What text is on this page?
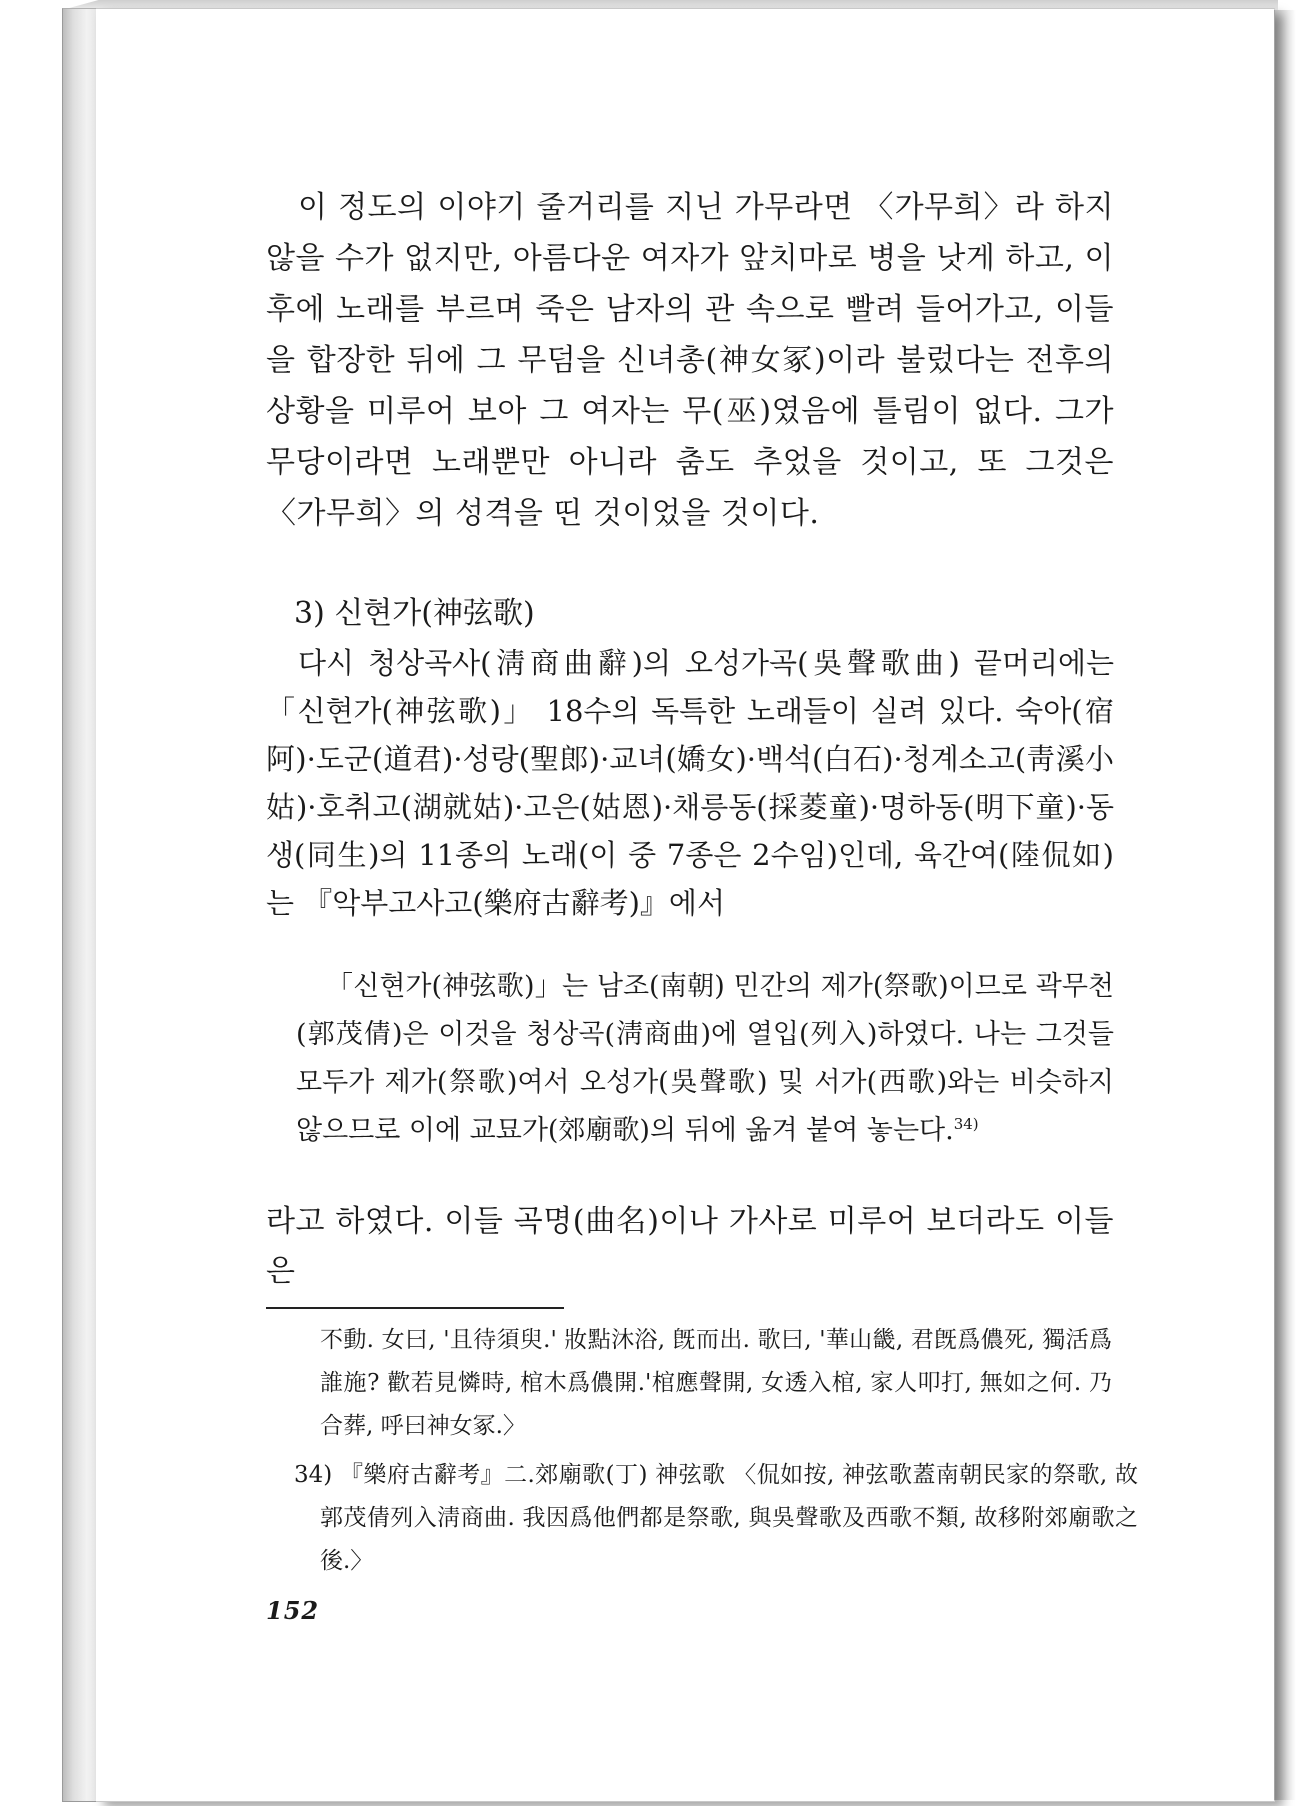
이 정도의 이야기 줄거리를 지닌 가무라면 〈가무희〉라 하지 않을 수가 없지만, 아름다운 여자가 앞치마로 병을 낫게 하고, 이후에 노래를 부르며 죽은 남자의 관 속으로 빨려 들어가고, 이들을 합장한 뒤에 그 무덤을 신녀총(神女冢)이라 불렀다는 전후의 상황을 미루어 보아 그 여자는 무(巫)였음에 틀림이 없다. 그가 무당이라면 노래뿐만 아니라 춤도 추었을 것이고, 또 그것은 〈가무희〉의 성격을 띤 것이었을 것이다.

3) 신현가(神弦歌)

다시 청상곡사(淸商曲辭)의 오성가곡(吳聲歌曲) 끝머리에는 「신현가(神弦歌)」 18수의 독특한 노래들이 실려 있다. 숙아(宿阿)·도군(道君)·성랑(聖郎)·교녀(嬌女)·백석(白石)·청계소고(靑溪小姑)·호취고(湖就姑)·고은(姑恩)·채릉동(採菱童)·명하동(明下童)·동생(同生)의 11종의 노래(이 중 7종은 2수임)인데, 육간여(陸侃如)는 『악부고사고(樂府古辭考)』에서

「신현가(神弦歌)」는 남조(南朝) 민간의 제가(祭歌)이므로 곽무천(郭茂倩)은 이것을 청상곡(淸商曲)에 열입(列入)하였다. 나는 그것들 모두가 제가(祭歌)여서 오성가(吳聲歌) 및 서가(西歌)와는 비슷하지 않으므로 이에 교묘가(郊廟歌)의 뒤에 옮겨 붙여 놓는다.$^{34)}$

라고 하였다. 이들 곡명(曲名)이나 가사로 미루어 보더라도 이들은

不動. 女曰, '且待須臾.' 妝點沐浴, 旣而出. 歌曰, '華山畿, 君旣爲儂死, 獨活爲誰施? 歡若見憐時, 棺木爲儂開.'棺應聲開, 女透入棺, 家人叩打, 無如之何. 乃合葬, 呼曰神女冢.〉

34) 『樂府古辭考』二.郊廟歌(丁) 神弦歌 〈侃如按, 神弦歌蓋南朝民家的祭歌, 故郭茂倩列入淸商曲. 我因爲他們都是祭歌, 與吳聲歌及西歌不類, 故移附郊廟歌之後.〉

152
